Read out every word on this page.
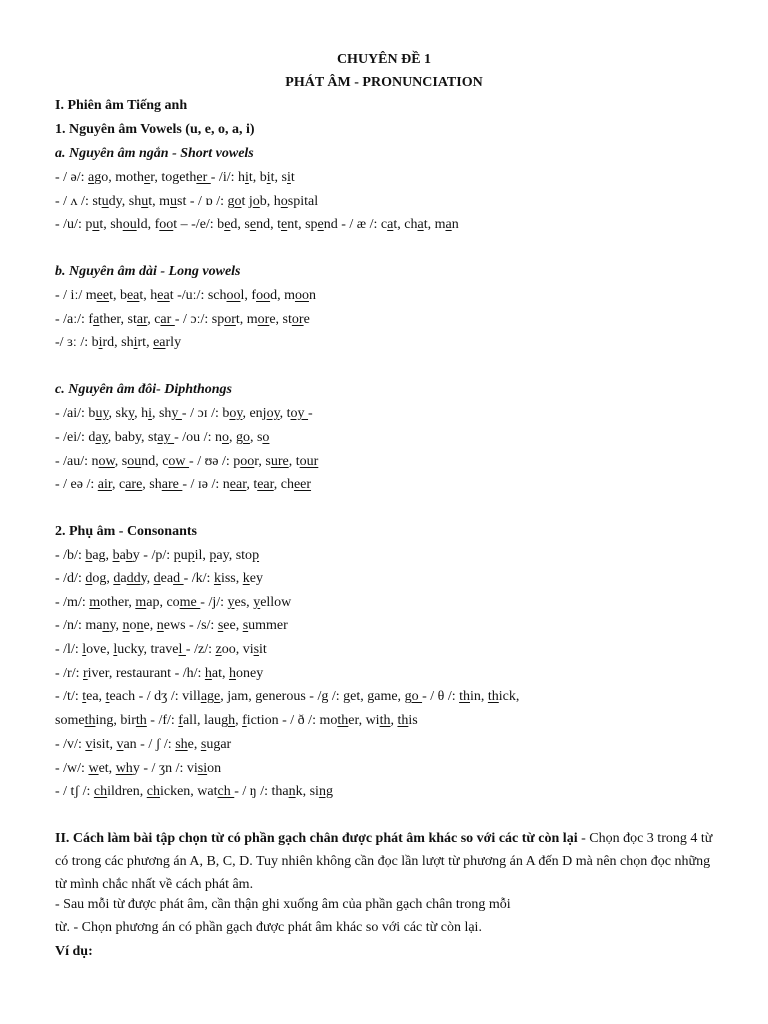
CHUYÊN ĐỀ 1
PHÁT ÂM - PRONUNCIATION
I. Phiên âm Tiếng anh
1. Nguyên âm Vowels (u, e, o, a, i)
a. Nguyên âm ngắn - Short vowels
- / ə/: ago, mother, together - /i/: hit, bit, sit
- / ʌ /: study, shut, must - / ɒ /: got job, hospital
- /u/: put, should, foot – -/e/: bed, send, tent, spend - / æ /: cat, chat, man
b. Nguyên âm dài - Long vowels
- / iː/ meet, beat, heat -/uː/: school, food, moon
- /aː/: father, star, car - / ɔː/: sport, more, store
-/ ɜː /: bird, shirt, early
c. Nguyên âm đôi- Diphthongs
- /ai/: buy, sky, hi, shy - / ɔɪ /: boy, enjoy, toy -
- /ei/: day, baby, stay - /ou /: no, go, so
- /au/: now, sound, cow - / ʊə /: poor, sure, tour
- / eə /: air, care, share - / ɪə /: near, tear, cheer
2. Phụ âm - Consonants
- /b/: bag, baby - /p/: pupil, pay, stop
- /d/: dog, daddy, dead - /k/: kiss, key
- /m/: mother, map, come - /j/: yes, yellow
- /n/: many, none, news - /s/: see, summer
- /l/: love, lucky, travel - /z/: zoo, visit
- /r/: river, restaurant - /h/: hat, honey
- /t/: tea, teach - / dʒ /: village, jam, generous - /g /: get, game, go - / θ /: thin, thick,
something, birth - /f/: fall, laugh, fiction - / ð /: mother, with, this
- /v/: visit, van - / ʃ /: she, sugar
- /w/: wet, why - / ʒn /: vision
- / tʃ /: children, chicken, watch - / ŋ /: thank, sing
II. Cách làm bài tập chọn từ có phần gạch chân được phát âm khác so với các từ còn lại - Chọn đọc 3 trong 4 từ có trong các phương án A, B, C, D. Tuy nhiên không cần đọc lần lượt từ phương án A đến D mà nên chọn đọc những từ mình chắc nhất về cách phát âm.
- Sau mỗi từ được phát âm, cần thận ghi xuống âm của phần gạch chân trong mỗi
từ. - Chọn phương án có phần gạch được phát âm khác so với các từ còn lại.
Ví dụ:
